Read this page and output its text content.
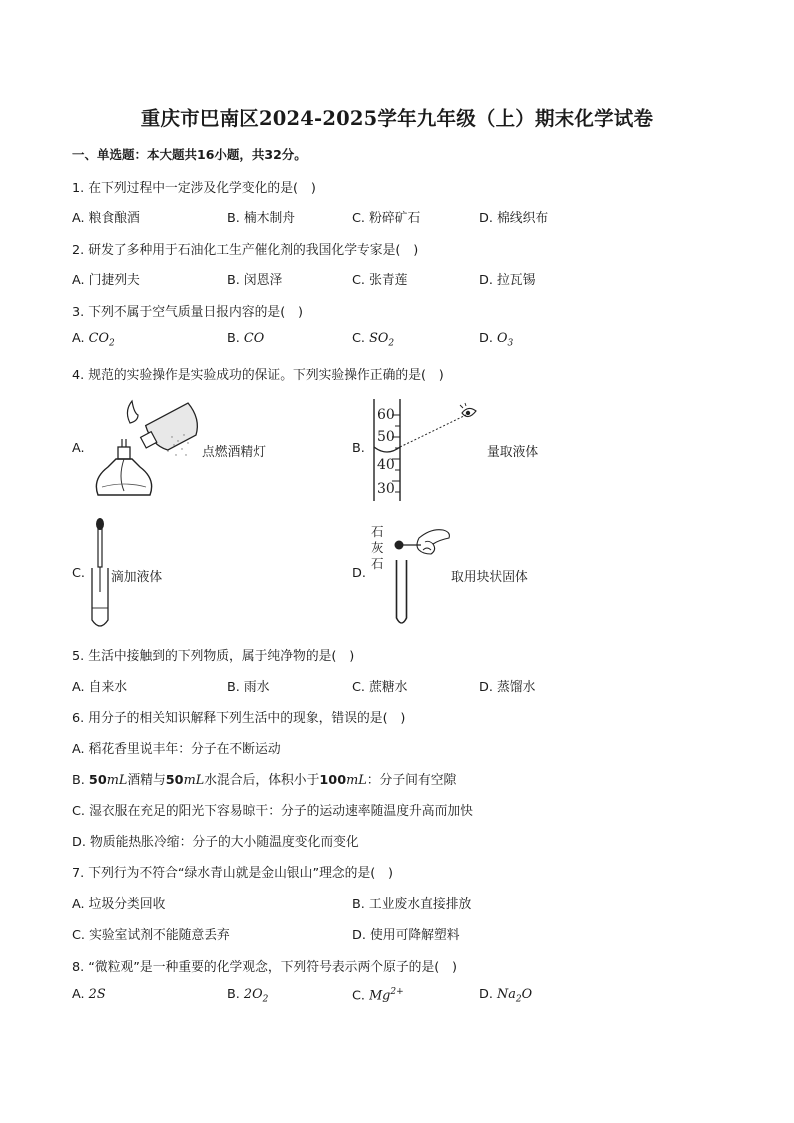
重庆市巴南区2024-2025学年九年级（上）期末化学试卷
一、单选题：本大题共16小题，共32分。
1. 在下列过程中一定涉及化学变化的是(　)
A. 粮食酿酒	B. 楠木制舟	C. 粉碎矿石	D. 棉线织布
2. 研发了多种用于石油化工生产催化剂的我国化学专家是(　)
A. 门捷列夫	B. 闵恩泽	C. 张青莲	D. 拉瓦锡
3. 下列不属于空气质量日报内容的是(　)
A. $CO_2$	B. CO	C. $SO_2$	D. $O_3$
4. 规范的实验操作是实验成功的保证。下列实验操作正确的是(　)
A.	点燃酒精灯	B.
60
50
40
30
量取液体
C. 滴加液体	D.
石
灰
石
取用块状固体
5. 生活中接触到的下列物质，属于纯净物的是(　)
A. 自来水	B. 雨水	C. 蔗糖水	D. 蒸馏水
6. 用分子的相关知识解释下列生活中的现象，错误的是(　)
A. 稻花香里说丰年：分子在不断运动
B. 50mL酒精与50mL水混合后，体积小于100mL：分子间有空隙
C. 湿衣服在充足的阳光下容易晾干：分子的运动速率随温度升高而加快
D. 物质能热胀冷缩：分子的大小随温度变化而变化
7. 下列行为不符合“绿水青山就是金山银山”理念的是(　)
A. 垃圾分类回收	B. 工业废水直接排放
C. 实验室试剂不能随意丢弃	D. 使用可降解塑料
8. “微粒观”是一种重要的化学观念，下列符号表示两个原子的是(　)
A. 2S	B. $2O_2$	C. $Mg^{2+}$	D. $Na_2O$
